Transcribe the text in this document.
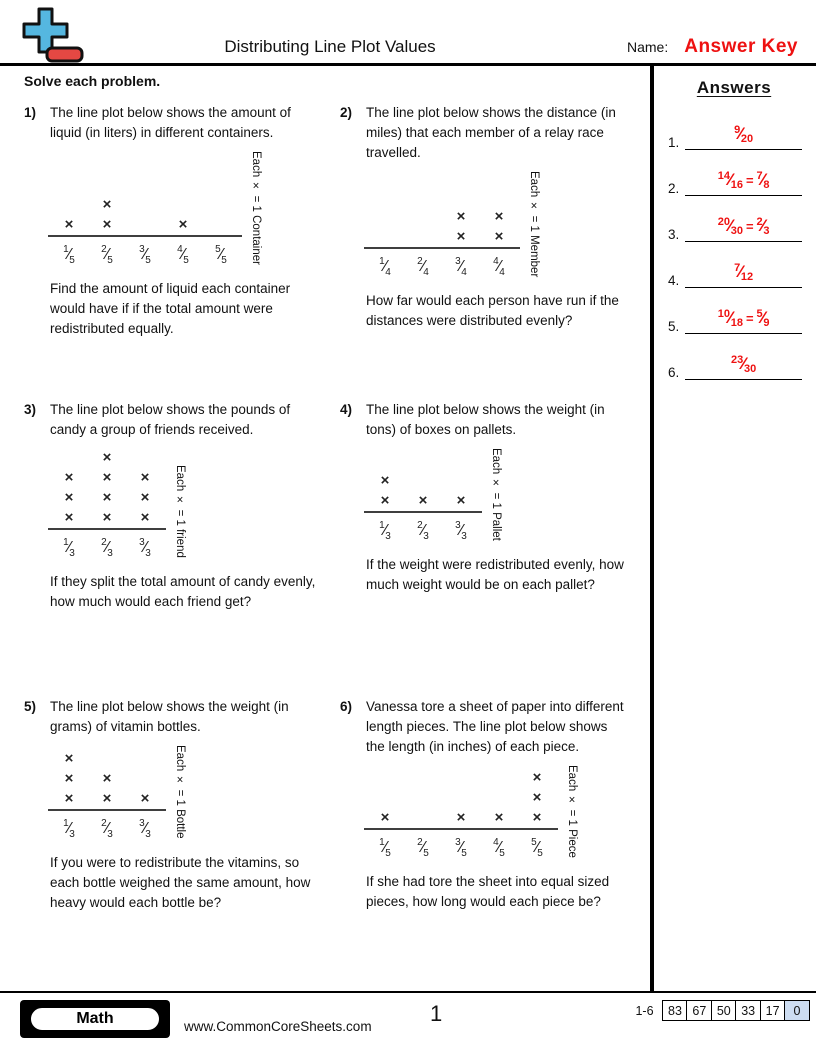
Distributing Line Plot Values	Name: Answer Key
Solve each problem.
1)	The line plot below shows the amount of liquid (in liters) in different containers.
×
×
×	×
$^1⁄_5$
$^2⁄_5$
$^3⁄_5$
$^4⁄_5$
$^5⁄_5$	Each × = 1 Container
Find the amount of liquid each container would have if if the total amount were redistributed equally.
2)	The line plot below shows the distance (in miles) that each member of a relay race travelled.
×
×
×
×
$^1⁄_4$
$^2⁄_4$
$^3⁄_4$
$^4⁄_4$	Each × = 1 Member
How far would each person have run if the distances were distributed evenly?
3)	The line plot below shows the pounds of candy a group of friends received.
×
×
×
×
×
×
×
×
×
×
$^1⁄_3$
$^2⁄_3$
$^3⁄_3$	Each × = 1 friend
If they split the total amount of candy evenly, how much would each friend get?
4)	The line plot below shows the weight (in tons) of boxes on pallets.
×
× × ×
$^1⁄_3$
$^2⁄_3$
$^3⁄_3$	Each × = 1 Pallet
If the weight were redistributed evenly, how much weight would be on each pallet?
5)	The line plot below shows the weight (in grams) of vitamin bottles.
×
×
×
×
× ×
$^1⁄_3$
$^2⁄_3$
$^3⁄_3$	Each × = 1 Bottle
If you were to redistribute the vitamins, so each bottle weighed the same amount, how heavy would each bottle be?
6)	Vanessa tore a sheet of paper into different length pieces. The line plot below shows the length (in inches) of each piece.
×	× ×
×
×
×
$^1⁄_5$
$^2⁄_5$
$^3⁄_5$
$^4⁄_5$
$^5⁄_5$	Each × = 1 Piece
If she had tore the sheet into equal sized pieces, how long would each piece be?
Answers
1.
$^9⁄_{20}$
2.
$^{14}⁄_{16}$ = $^7⁄_8$
3.
$^{20}⁄_{30}$ = $^2⁄_3$
4.
$^7⁄_{12}$
5.
$^{10}⁄_{18}$ = $^5⁄_9$
6.
$^{23}⁄_{30}$
Math	www.CommonCoreSheets.com
1	1-6	83 67 50 33 17	0
